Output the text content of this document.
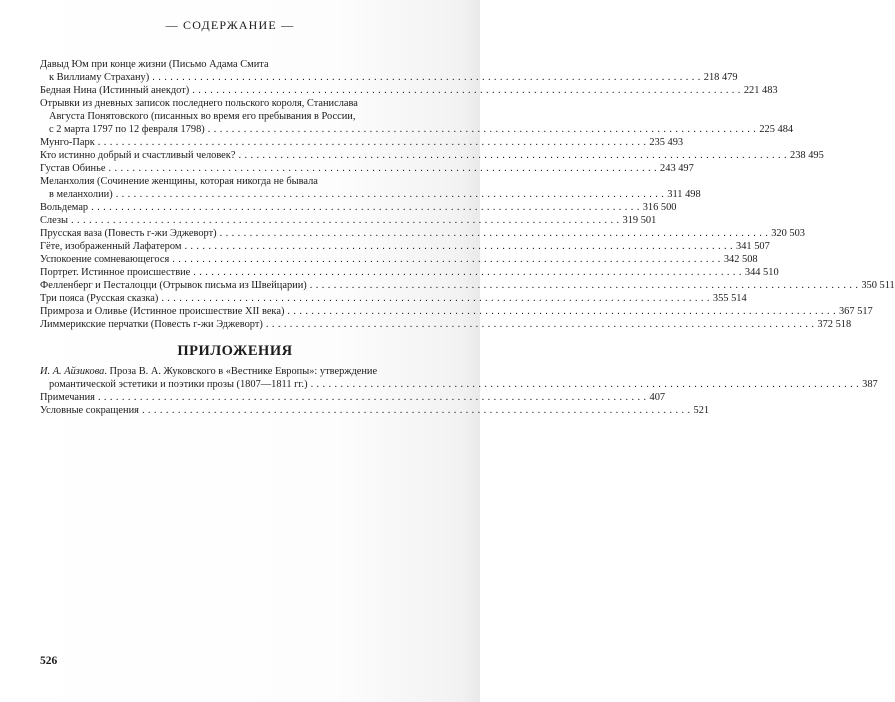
— СОДЕРЖАНИЕ —
Давыд Юм при конце жизни (Письмо Адама Смита
к Виллиаму Страхану) . . .	218 479
Бедная Нина (Истинный анекдот) . . .	221 483
Отрывки из дневных записок последнего польского короля, Станислава
Августа Понятовского (писанных во время его пребывания в России,
с 2 марта 1797 по 12 февраля 1798) . . .	225 484
Мунго-Парк . . .	235 493
Кто истинно добрый и счастливый человек? . . .	238 495
Густав Обинье . . .	243 497
Меланхолия (Сочинение женщины, которая никогда не бывала
в меланхолии) . . .	311 498
Вольдемар . . .	316 500
Слезы . . .	319 501
Прусская ваза (Повесть г-жи Эджеворт) . . .	320 503
Гёте, изображенный Лафатером . . .	341 507
Успокоение сомневающегося . . .	342 508
Портрет. Истинное происшествие . . .	344 510
Фелленберг и Песталоцци (Отрывок письма из Швейцарии) . . .	350 511
Три пояса (Русская сказка) . . .	355 514
Примроза и Оливье (Истинное происшествие XII века) . . .	367 517
Лиммерикские перчатки (Повесть г-жи Эджеворт) . . .	372 518
ПРИЛОЖЕНИЯ
И. А. Айзикова. Проза В. А. Жуковского в «Вестнике Европы»: утверждение
романтической эстетики и поэтики прозы (1807—1811 гг.) . . .	387
Примечания . . .	407
Условные сокращения . . .	521
526
